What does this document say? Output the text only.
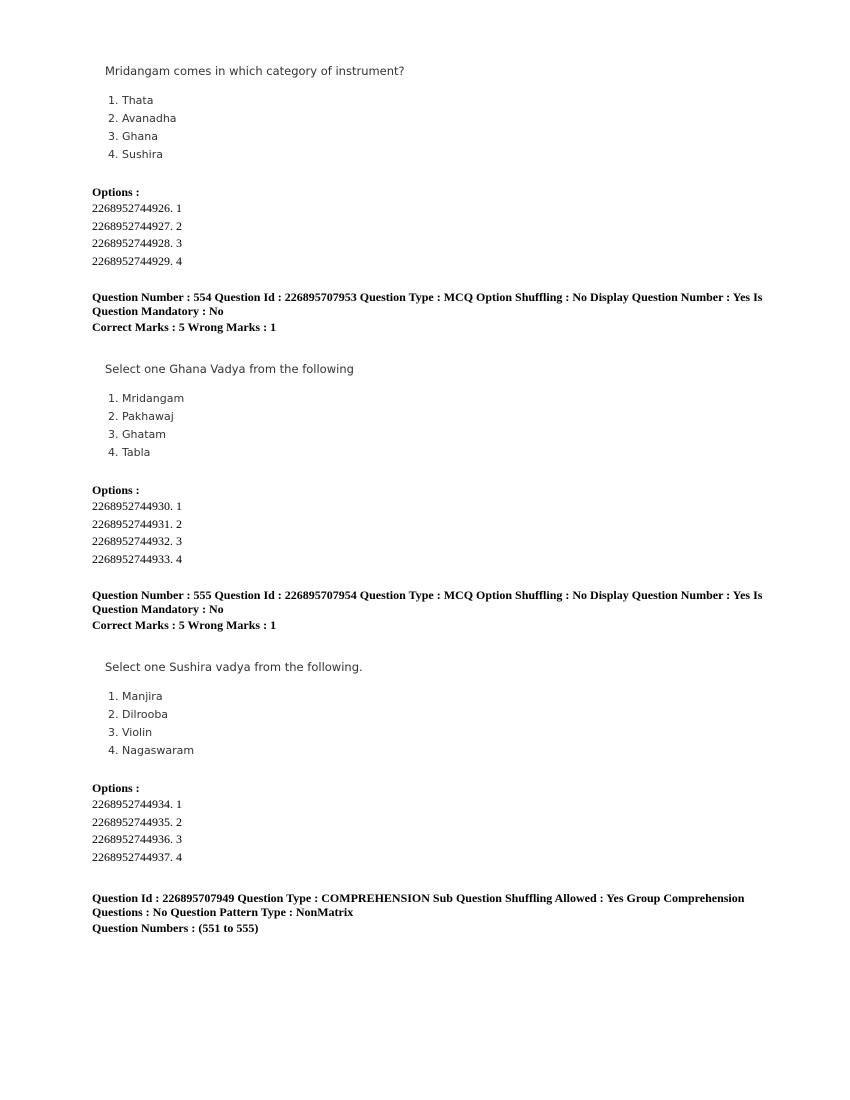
Mridangam comes in which category of instrument?
1. Thata
2. Avanadha
3. Ghana
4. Sushira
Options :
2268952744926. 1
2268952744927. 2
2268952744928. 3
2268952744929. 4
Question Number : 554 Question Id : 226895707953 Question Type : MCQ Option Shuffling : No Display Question Number : Yes Is
Question Mandatory : No
Correct Marks : 5 Wrong Marks : 1
Select one Ghana Vadya from the following
1. Mridangam
2. Pakhawaj
3. Ghatam
4. Tabla
Options :
2268952744930. 1
2268952744931. 2
2268952744932. 3
2268952744933. 4
Question Number : 555 Question Id : 226895707954 Question Type : MCQ Option Shuffling : No Display Question Number : Yes Is
Question Mandatory : No
Correct Marks : 5 Wrong Marks : 1
Select one Sushira vadya from the following.
1. Manjira
2. Dilrooba
3. Violin
4. Nagaswaram
Options :
2268952744934. 1
2268952744935. 2
2268952744936. 3
2268952744937. 4
Question Id : 226895707949 Question Type : COMPREHENSION Sub Question Shuffling Allowed : Yes Group Comprehension
Questions : No Question Pattern Type : NonMatrix
Question Numbers : (551 to 555)
